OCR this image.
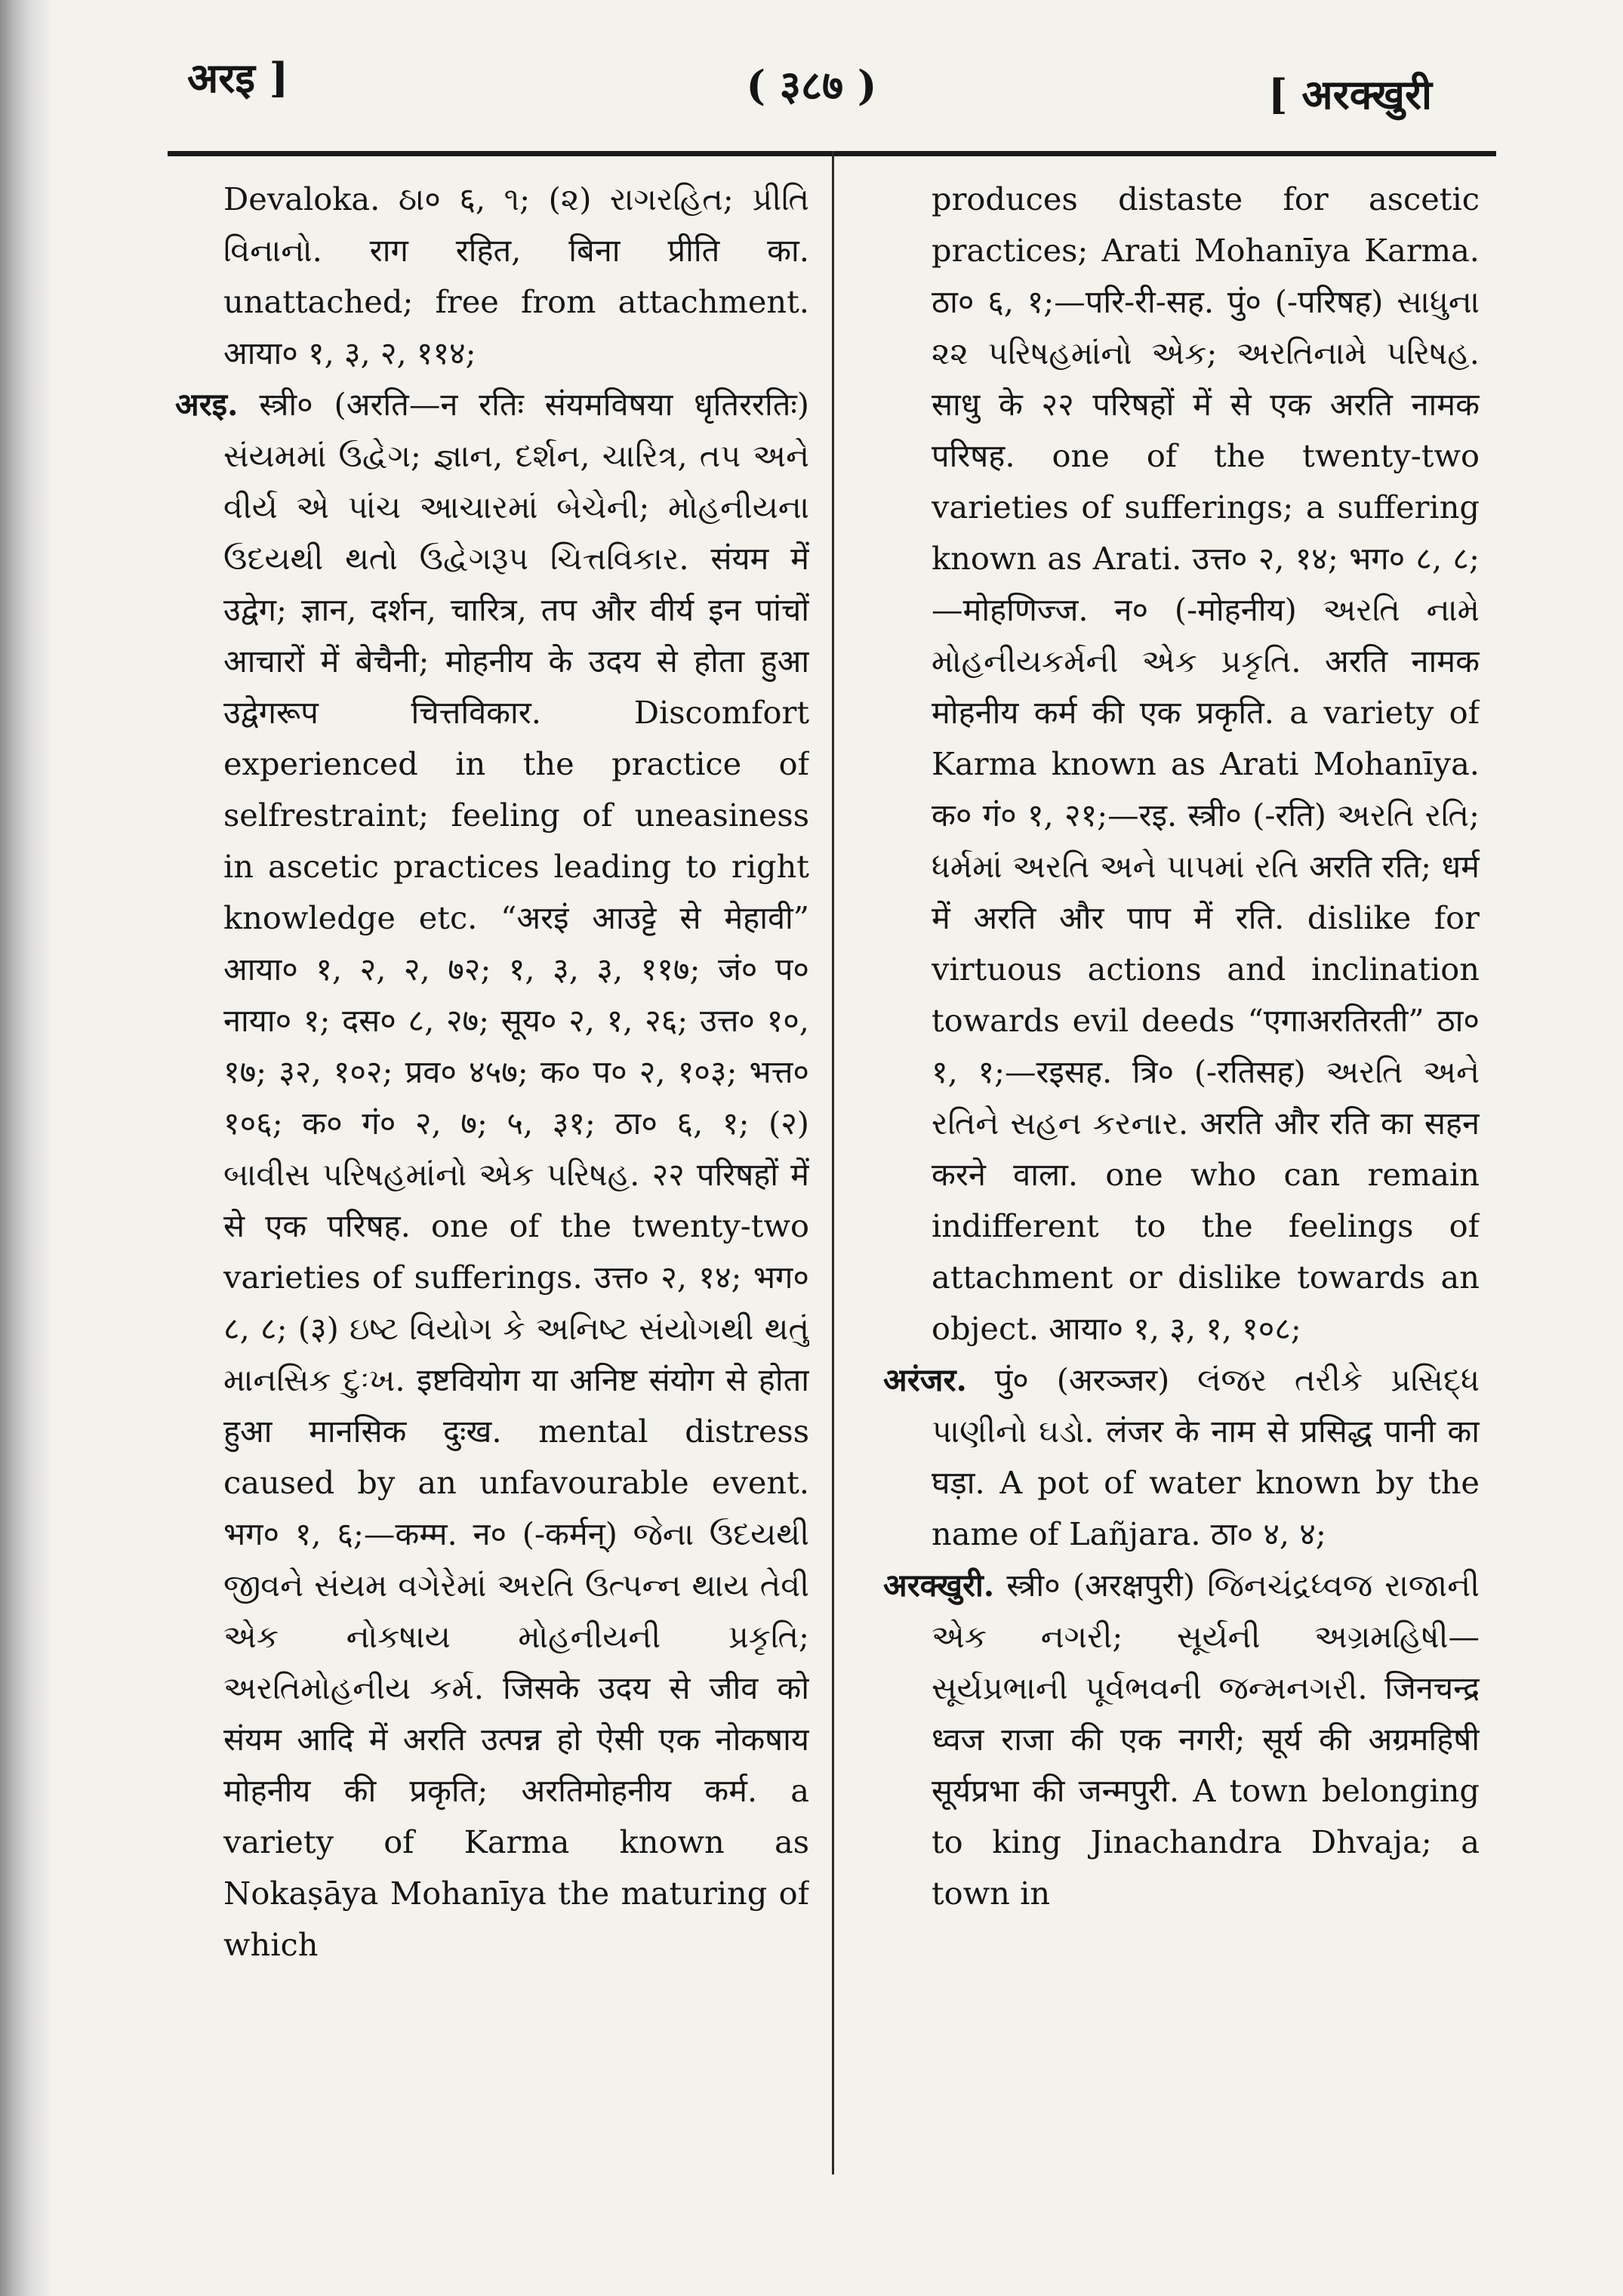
अरइ ]	( ३८७ )	[ अरक्खुरी

Devaloka. ઠા० ६, ૧; (૨) રાગરહિત; પ્રીતિ વિનાનો. राग रहित, बिना प्रीति का. unattached; free from attachment. आया० १, ३, २, ११४;

अरइ. स्त्री० (अरति—न रतिः संयमविषया धृतिररतिः) સંયમમાં ઉદ્વેગ; જ્ઞાન, દર્શન, ચારિત્ર, તપ અને વીર્ય એ પાંચ આચારમાં બેચેની; મોહનીયના ઉદયથી થતો ઉદ્વેગરૂપ ચિત્તવિકાર. संयम में उद्वेग; ज्ञान, दर्शन, चारित्र, तप और वीर्य इन पांचों आचारों में बेचैनी; मोहनीय के उदय से होता हुआ उद्वेगरूप चित्तविकार. Discomfort experienced in the practice of selfrestraint; feeling of uneasiness in ascetic practices leading to right knowledge etc. “अरइं आउट्टे से मेहावी” आया० १, २, २, ७२; १, ३, ३, ११७; जं० प० नाया० १; दस० ८, २७; सूय० २, १, २६; उत्त० १०, १७; ३२, १०२; प्रव० ४५७; क० प० २, १०३; भत्त० १०६; क० गं० २, ७; ५, ३१; ठा० ६, १; (२) બાવીસ પરિષહમાંનો એક પરિષહ. २२ परिषहों में से एक परिषह. one of the twenty-two varieties of sufferings. उत्त० २, १४; भग० ८, ८; (३) ઇષ્ટ વિયોગ કે અનિષ્ટ સંયોગથી થતું માનસિક દુઃખ. इष्टवियोग या अनिष्ट संयोग से होता हुआ मानसिक दुःख. mental distress caused by an unfavourable event. भग० १, ६;—कम्म. न० (-कर्मन्) જેના ઉદયથી જીવને સંયમ વગેરેમાં અરતિ ઉત્પન્ન થાય તેવી એક નોકષાય મોહનીયની પ્રકૃતિ; અરતિમોહનીય કર્મ. जिसके उदय से जीव को संयम आदि में अरति उत्पन्न हो ऐसी एक नोकषाय मोहनीय की प्रकृति; अरतिमोहनीय कर्म. a variety of Karma known as Nokaṣāya Mohanīya the maturing of which

produces distaste for ascetic practices; Arati Mohanīya Karma. ठा० ६, १;—परि-री-सह. पुं० (-परिषह) સાધુના ૨૨ પરિષહમાંનો એક; અરતિનામે પરિષહ. साधु के २२ परिषहों में से एक अरति नामक परिषह. one of the twenty-two varieties of sufferings; a suffering known as Arati. उत्त० २, १४; भग० ८, ८;—मोहणिज्ज. न० (-मोहनीय) અરતિ નામે મોહનીયકર્મની એક પ્રકૃતિ. अरति नामक मोहनीय कर्म की एक प्रकृति. a variety of Karma known as Arati Mohanīya. क० गं० १, २१;—रइ. स्त्री० (-रति) અરતિ રતિ; ધર્મમાં અરતિ અને પાપમાં રતિ अरति रति; धर्म में अरति और पाप में रति. dislike for virtuous actions and inclination towards evil deeds “एगाअरतिरती” ठा० १, १;—रइसह. त्रि० (-रतिसह) અરતિ અને રતિને સહન કરનાર. अरति और रति का सहन करने वाला. one who can remain indifferent to the feelings of attachment or dislike towards an object. आया० १, ३, १, १०८;

अरंजर. पुं० (अरञ्जर) લંજર તરીકે પ્રસિદ્ધ પાણીનો ઘડો. लंजर के नाम से प्रसिद्ध पानी का घड़ा. A pot of water known by the name of Lañjara. ठा० ४, ४;

अरक्खुरी. स्त्री० (अरक्षपुरी) જિનચંદ્રધ્વજ રાજાની એક નગરી; સૂર્યની અગ્રમહિષી—સૂર્યપ્રભાની પૂર્વભવની જન્મનગરી. जिनचन्द्र ध्वज राजा की एक नगरी; सूर्य की अग्रमहिषी सूर्यप्रभा की जन्मपुरी. A town belonging to king Jinachandra Dhvaja; a town in
